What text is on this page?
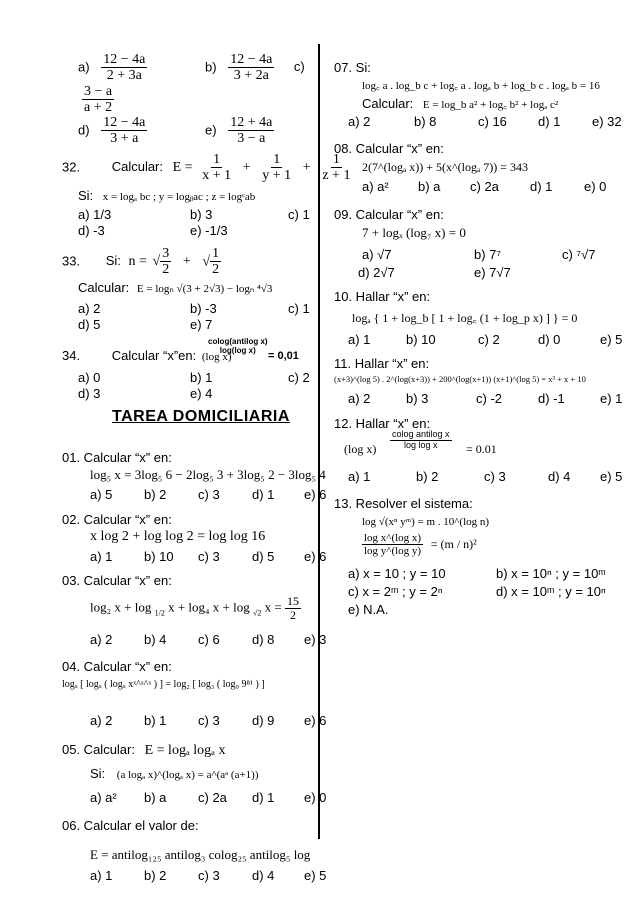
$a) \frac{12 - 4a}{2 + 3a}$	$b) \frac{12 - 4a}{3 + 2a} c$)
$\frac{3 - a}{a + 2}$
$d) \frac{12 - 4a}{3 + a}$	$e) \frac{12 + 4a}{3 - a}$
32. Calcular: $E = \frac{1}{x + 1} + \frac{1}{y + 1} + \frac{1}{z + 1}$
Si: x = logₐ bc ; y = logᵦac ; z = logᶜab
a) 1/3	b) 3	c) 1
d) -3	e) -1/3
33. Si: n = √ $\frac{3}{2}$ + √ $\frac{1}{2}$
Calcular: E = logₙ √(3 + 2√3) − logₙ ⁴√3
a) 2	b) -3	c) 1
d) 5	e) 7
34. Calcular “x”en: (log x)
colog(antilog x)
log(log x) = 0,01
a) 0	b) 1	c) 2
d) 3	e) 4
TAREA DOMICILIARIA
01. Calcular “x” en:
log₅ x = 3log₅ 6 − 2log₅ 3 + 3log₅ 2 − 3log₅ 4
a) 5 b) 2 c) 3 d) 1 e) 6
02. Calcular “x” en:
x log 2 + log log 2 = log log 16
a) 1 b) 10 c) 3 d) 5 e) 6
03. Calcular “x” en:
log₂ x + log $_{1/2}$ x + log₄ x + log $_{√2}$ $x = \frac{15}{2}$
a) 2 b) 4 c) 6 d) 8 e) 3
04. Calcular “x” en:
logₓ [ logₓ ( logₓ xˣ^ˣ^ˣ ) ] = log₂ [ log₃ ( log₉ 9⁸¹ ) ]
a) 2 b) 1 c) 3 d) 9 e) 6
05. Calcular: E = logₐ logₐ x
Si: (a logₐ x)^(logₐ x) = a^(aᵃ (a+1))
a) a² b) a c) 2a d) 1 e) 0
06. Calcular el valor de:
E = antilog₁₂₅ antilog₃ colog₂₅ antilog₅ log
a) 1 b) 2 c) 3 d) 4 e) 5
07. Si:
log꜀ a . log_b c + log꜀ a . logₐ b + log_b c . logₐ b = 16
Calcular: E = log_b a² + log꜀ b² + logₐ c²
a) 2	b) 8	c) 16 d) 1 e) 32
08. Calcular “x” en:
2(7^(logₐ x)) + 5(x^(logₐ 7)) = 343
a) a² b) a c) 2a d) 1 e) 0
09. Calcular “x” en:
7 + logₓ (log₇ x) = 0
a) √7	b) 7⁷	c) ⁷√7
d) 2√7	e) 7√7
10. Hallar “x” en:
logₐ { 1 + log_b [ 1 + log꜀ (1 + log_p x) ] } = 0
a) 1	b) 10	c) 2	d) 0	e) 5
11. Hallar “x” en:
(x+3)^(log 5) . 2^(log(x+3)) + 200^(log(x+1)) (x+1)^(log 5) = x³ + x + 10
a) 2	b) 3	c) -2	d) -1	e) 1
12. Hallar “x” en:
(log $x) \frac{\text{colog antilog x}}{\text{log log x}} = 0.01$
a) 1	b) 2	c) 3	d) 4 e) 5
13. Resolver el sistema:
log √(xⁿ yᵐ) = m . 10^(log n)
$\frac{\text{log x\textasciicircum{}(log x)}}{\text{log y\textasciicircum{}(log y)}} = (m / n)^2$
a) x = 10 ; y = 10	b) x = 10ⁿ ; y = 10ᵐ
c) x = 2ᵐ ; y = 2ⁿ	d) x = 10ᵐ ; y = 10ⁿ
e) N.A.
